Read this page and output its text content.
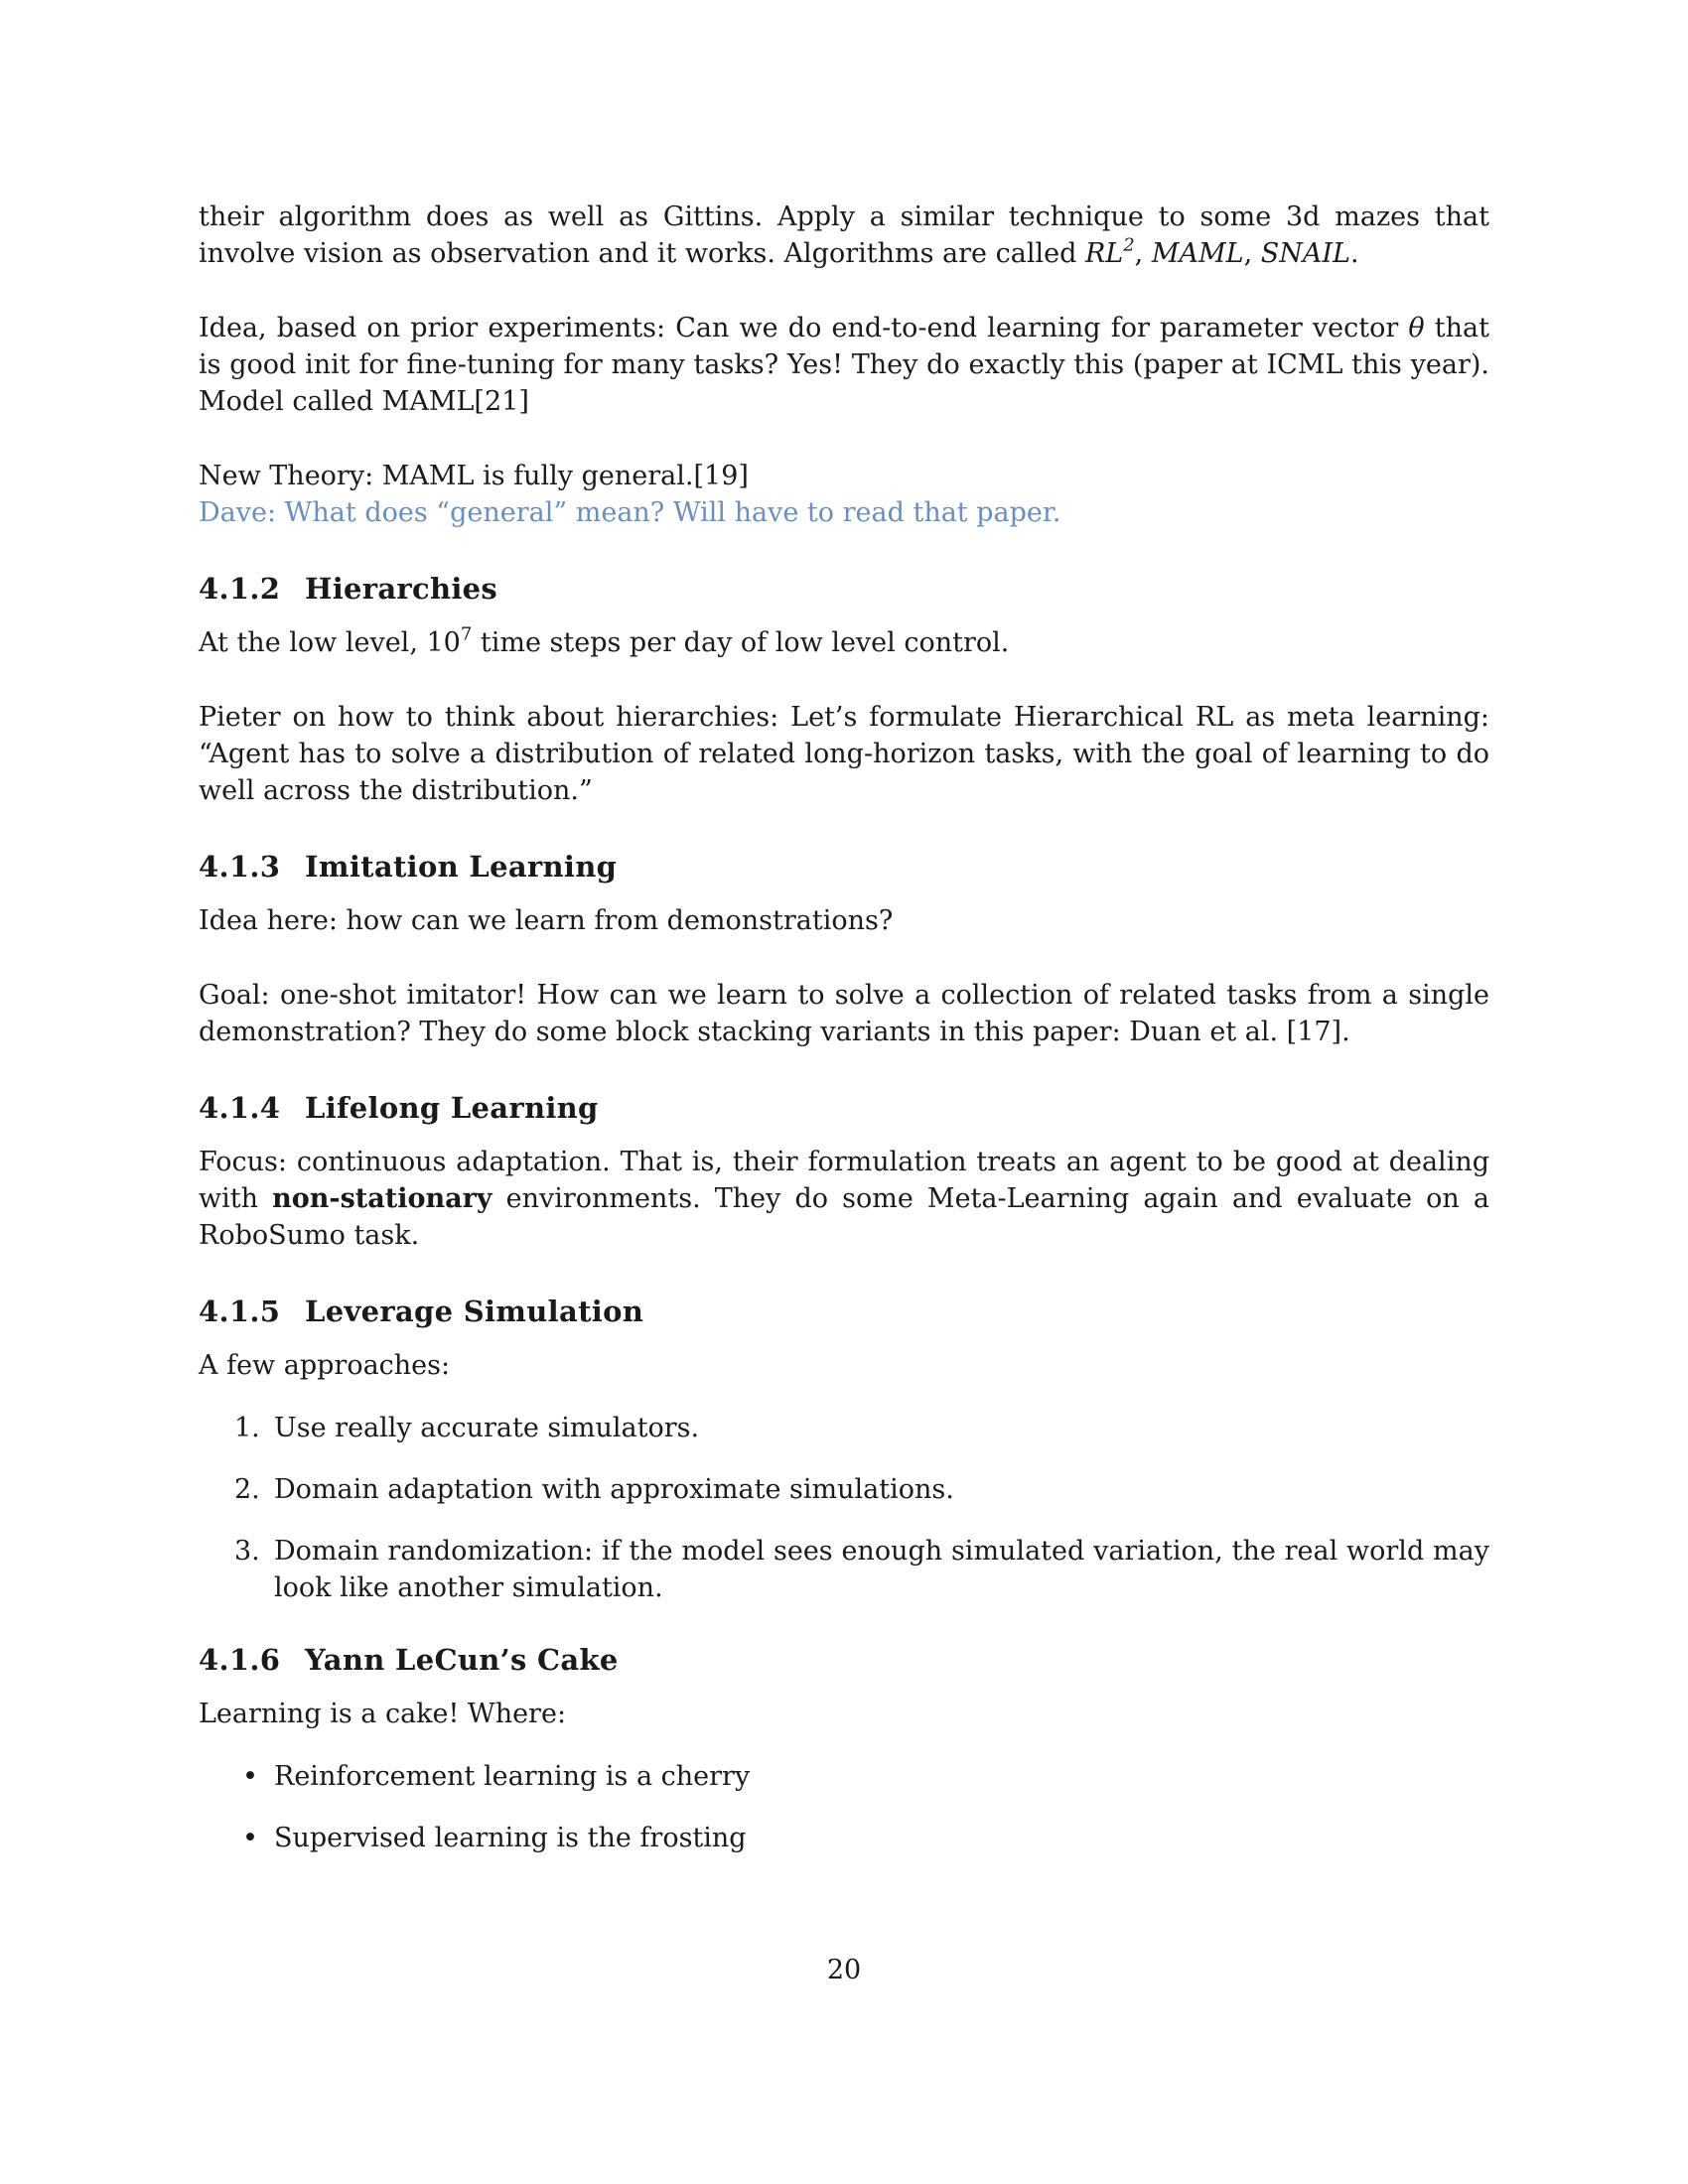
their algorithm does as well as Gittins. Apply a similar technique to some 3d mazes that involve vision as observation and it works. Algorithms are called $RL^2$, MAML, SNAIL.

Idea, based on prior experiments: Can we do end-to-end learning for parameter vector θ that is good init for fine-tuning for many tasks? Yes! They do exactly this (paper at ICML this year). Model called MAML[21]

New Theory: MAML is fully general.[19]

Dave: What does “general” mean? Will have to read that paper.

4.1.2 Hierarchies

At the low level, $10^7$ time steps per day of low level control.

Pieter on how to think about hierarchies: Let’s formulate Hierarchical RL as meta learning: “Agent has to solve a distribution of related long-horizon tasks, with the goal of learning to do well across the distribution.”

4.1.3 Imitation Learning

Idea here: how can we learn from demonstrations?

Goal: one-shot imitator! How can we learn to solve a collection of related tasks from a single demonstration? They do some block stacking variants in this paper: Duan et al. [17].

4.1.4 Lifelong Learning

Focus: continuous adaptation. That is, their formulation treats an agent to be good at dealing with non-stationary environments. They do some Meta-Learning again and evaluate on a RoboSumo task.

4.1.5 Leverage Simulation

A few approaches:

1. Use really accurate simulators.
2. Domain adaptation with approximate simulations.
3. Domain randomization: if the model sees enough simulated variation, the real world may look like another simulation.
4.1.6 Yann LeCun’s Cake

Learning is a cake! Where:

• Reinforcement learning is a cherry
• Supervised learning is the frosting
20
